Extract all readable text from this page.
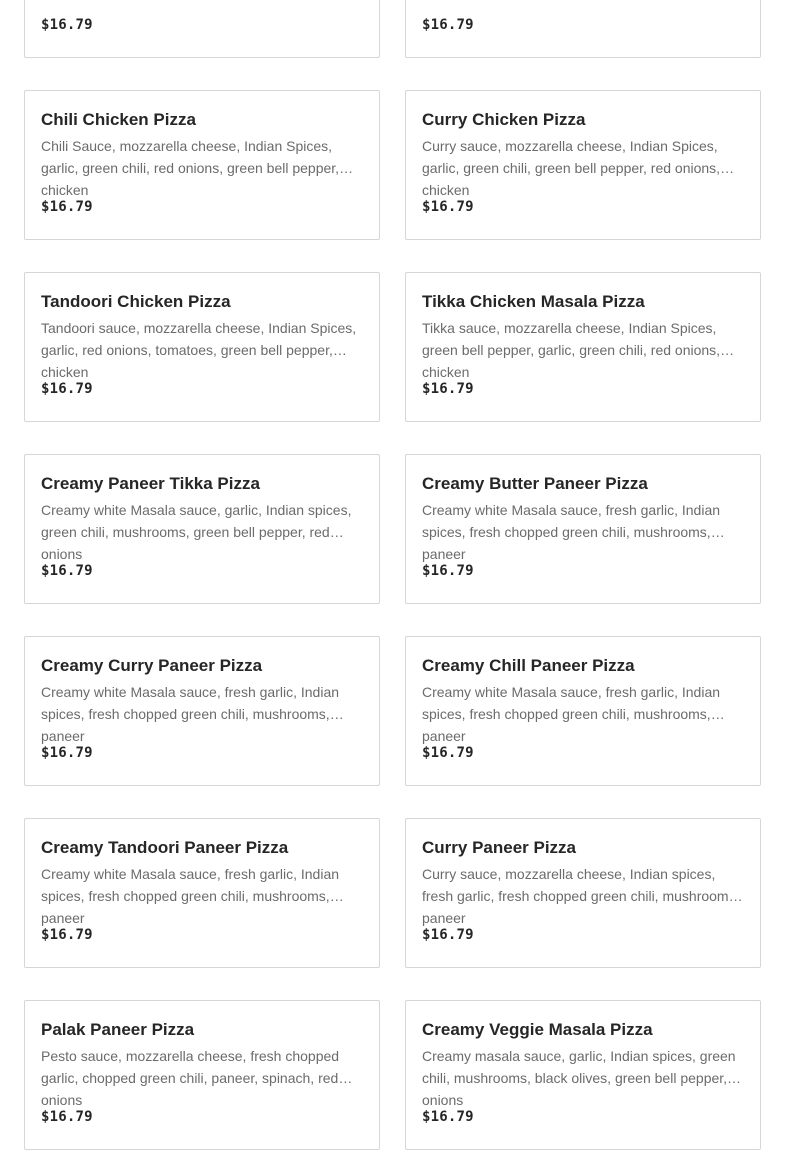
$16.79	$16.79
Chili Chicken Pizza
Chili Sauce, mozzarella cheese, Indian Spices, garlic, green chili, red onions, green bell pepper, chicken
$16.79
Curry Chicken Pizza
Curry sauce, mozzarella cheese, Indian Spices, garlic, green chili, green bell pepper, red onions, chicken
$16.79
Tandoori Chicken Pizza
Tandoori sauce, mozzarella cheese, Indian Spices, garlic, red onions, tomatoes, green bell pepper, chicken
$16.79
Tikka Chicken Masala Pizza
Tikka sauce, mozzarella cheese, Indian Spices, green bell pepper, garlic, green chili, red onions, chicken
$16.79
Creamy Paneer Tikka Pizza
Creamy white Masala sauce, garlic, Indian spices, green chili, mushrooms, green bell pepper, red onions
$16.79
Creamy Butter Paneer Pizza
Creamy white Masala sauce, fresh garlic, Indian spices, fresh chopped green chili, mushrooms, paneer
$16.79
Creamy Curry Paneer Pizza
Creamy white Masala sauce, fresh garlic, Indian spices, fresh chopped green chili, mushrooms, paneer
$16.79
Creamy Chill Paneer Pizza
Creamy white Masala sauce, fresh garlic, Indian spices, fresh chopped green chili, mushrooms, paneer
$16.79
Creamy Tandoori Paneer Pizza
Creamy white Masala sauce, fresh garlic, Indian spices, fresh chopped green chili, mushrooms, paneer
$16.79
Curry Paneer Pizza
Curry sauce, mozzarella cheese, Indian spices, fresh garlic, fresh chopped green chili, mushrooms, paneer
$16.79
Palak Paneer Pizza
Pesto sauce, mozzarella cheese, fresh chopped garlic, chopped green chili, paneer, spinach, red onions
$16.79
Creamy Veggie Masala Pizza
Creamy masala sauce, garlic, Indian spices, green chili, mushrooms, black olives, green bell pepper, onions
$16.79
